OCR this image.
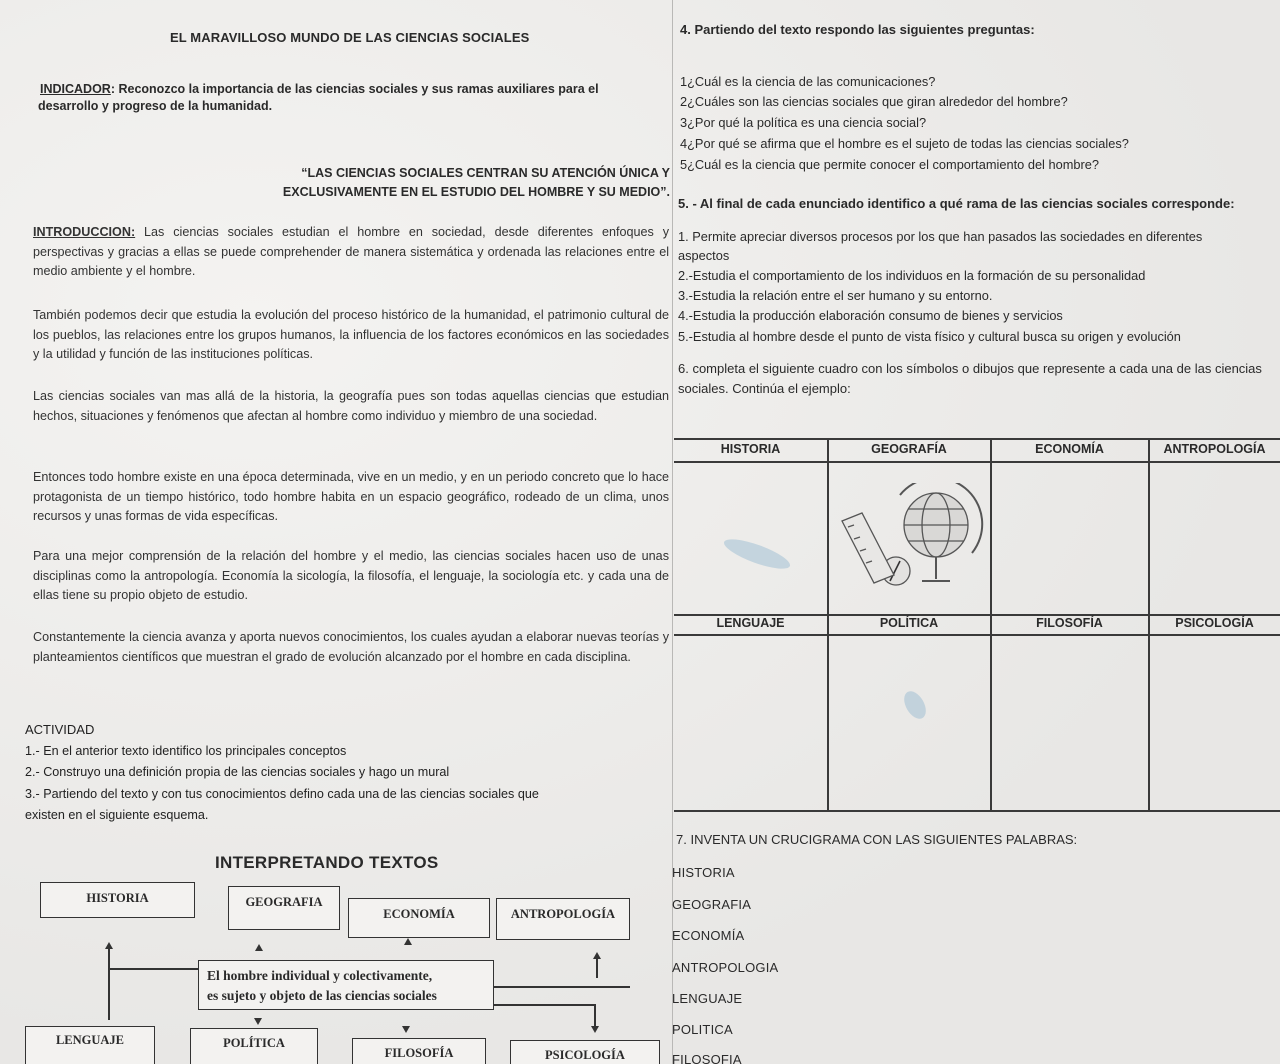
EL MARAVILLOSO MUNDO DE LAS CIENCIAS SOCIALES
INDICADOR: Reconozco la importancia de las ciencias sociales y sus ramas auxiliares para el
desarrollo y progreso de la humanidad.
“LAS CIENCIAS SOCIALES CENTRAN SU ATENCIÓN ÚNICA Y
EXCLUSIVAMENTE EN EL ESTUDIO DEL HOMBRE Y SU MEDIO”.
INTRODUCCION: Las ciencias sociales estudian el hombre en sociedad, desde diferentes enfoques y perspectivas y gracias a ellas se puede comprehender de manera sistemática y ordenada las relaciones entre el medio ambiente y el hombre.
También podemos decir que estudia la evolución del proceso histórico de la humanidad, el patrimonio cultural de los pueblos, las relaciones entre los grupos humanos, la influencia de los factores económicos en las sociedades y la utilidad y función de las instituciones políticas.
Las ciencias sociales van mas allá de la historia, la geografía pues son todas aquellas ciencias que estudian hechos, situaciones y fenómenos que afectan al hombre como individuo y miembro de una sociedad.
Entonces todo hombre existe en una época determinada, vive en un medio, y en un periodo concreto que lo hace protagonista de un tiempo histórico, todo hombre habita en un espacio geográfico, rodeado de un clima, unos recursos y unas formas de vida específicas.
Para una mejor comprensión de la relación del hombre y el medio, las ciencias sociales hacen uso de unas disciplinas como la antropología. Economía la sicología, la filosofía, el lenguaje, la sociología etc. y cada una de ellas tiene su propio objeto de estudio.
Constantemente la ciencia avanza y aporta nuevos conocimientos, los cuales ayudan a elaborar nuevas teorías y planteamientos científicos que muestran el grado de evolución alcanzado por el hombre en cada disciplina.
ACTIVIDAD
1.- En el anterior texto identifico los principales conceptos
2.- Construyo una definición propia de las ciencias sociales y hago un mural
3.- Partiendo del texto y con tus conocimientos defino cada una de las ciencias sociales que
existen en el siguiente esquema.
INTERPRETANDO TEXTOS
HISTORIA	GEOGRAFIA
ECONOMÍA	ANTROPOLOGÍA
El hombre individual y colectivamente,
es sujeto y objeto de las ciencias sociales
LENGUAJE	POLÍTICA
FILOSOFÍA	PSICOLOGÍA
4. Partiendo del texto respondo las siguientes preguntas:
1¿Cuál es la ciencia de las comunicaciones?
2¿Cuáles son las ciencias sociales que giran alrededor del hombre?
3¿Por qué la política es una ciencia social?
4¿Por qué se afirma que el hombre es el sujeto de todas las ciencias sociales?
5¿Cuál es la ciencia que permite conocer el comportamiento del hombre?
5. - Al final de cada enunciado identifico a qué rama de las ciencias sociales corresponde:
1. Permite apreciar diversos procesos por los que han pasados las sociedades en diferentes
aspectos
2.-Estudia el comportamiento de los individuos en la formación de su personalidad
3.-Estudia la relación entre el ser humano y su entorno.
4.-Estudia la producción elaboración consumo de bienes y servicios
5.-Estudia al hombre desde el punto de vista físico y cultural busca su origen y evolución
6. completa el siguiente cuadro con los símbolos o dibujos que represente a cada una de las ciencias sociales. Continúa el ejemplo:
HISTORIA	GEOGRAFÍA	ECONOMÍA	ANTROPOLOGÍA
LENGUAJE	POLÍTICA	FILOSOFÍA	PSICOLOGÍA
7. INVENTA UN CRUCIGRAMA CON LAS SIGUIENTES PALABRAS:
HISTORIA
GEOGRAFIA
ECONOMÍA
ANTROPOLOGIA
LENGUAJE
POLITICA
FILOSOFIA
